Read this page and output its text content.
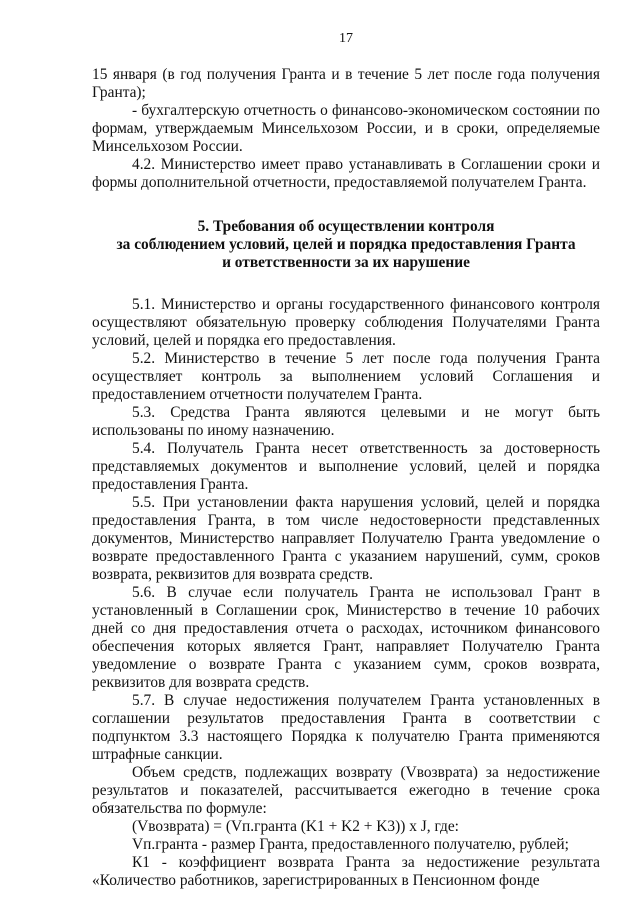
17

15 января (в год получения Гранта и в течение 5 лет после года получения Гранта);

- бухгалтерскую отчетность о финансово-экономическом состоянии по формам, утверждаемым Минсельхозом России, и в сроки, определяемые Минсельхозом России.

4.2. Министерство имеет право устанавливать в Соглашении сроки и формы дополнительной отчетности, предоставляемой получателем Гранта.

5. Требования об осуществлении контроля
за соблюдением условий, целей и порядка предоставления Гранта
и ответственности за их нарушение

5.1. Министерство и органы государственного финансового контроля осуществляют обязательную проверку соблюдения Получателями Гранта условий, целей и порядка его предоставления.

5.2. Министерство в течение 5 лет после года получения Гранта осуществляет контроль за выполнением условий Соглашения и предоставлением отчетности получателем Гранта.

5.3. Средства Гранта являются целевыми и не могут быть использованы по иному назначению.

5.4. Получатель Гранта несет ответственность за достоверность представляемых документов и выполнение условий, целей и порядка предоставления Гранта.

5.5. При установлении факта нарушения условий, целей и порядка предоставления Гранта, в том числе недостоверности представленных документов, Министерство направляет Получателю Гранта уведомление о возврате предоставленного Гранта с указанием нарушений, сумм, сроков возврата, реквизитов для возврата средств.

5.6. В случае если получатель Гранта не использовал Грант в установленный в Соглашении срок, Министерство в течение 10 рабочих дней со дня предоставления отчета о расходах, источником финансового обеспечения которых является Грант, направляет Получателю Гранта уведомление о возврате Гранта с указанием сумм, сроков возврата, реквизитов для возврата средств.

5.7. В случае недостижения получателем Гранта установленных в соглашении результатов предоставления Гранта в соответствии с подпунктом 3.3 настоящего Порядка к получателю Гранта применяются штрафные санкции.

Объем средств, подлежащих возврату (Vвозврата) за недостижение результатов и показателей, рассчитывается ежегодно в течение срока обязательства по формуле:

(Vвозврата) = (Vп.гранта (K1 + K2 + K3)) x J, где:

Vп.гранта - размер Гранта, предоставленного получателю, рублей;

К1 - коэффициент возврата Гранта за недостижение результата «Количество работников, зарегистрированных в Пенсионном фонде
